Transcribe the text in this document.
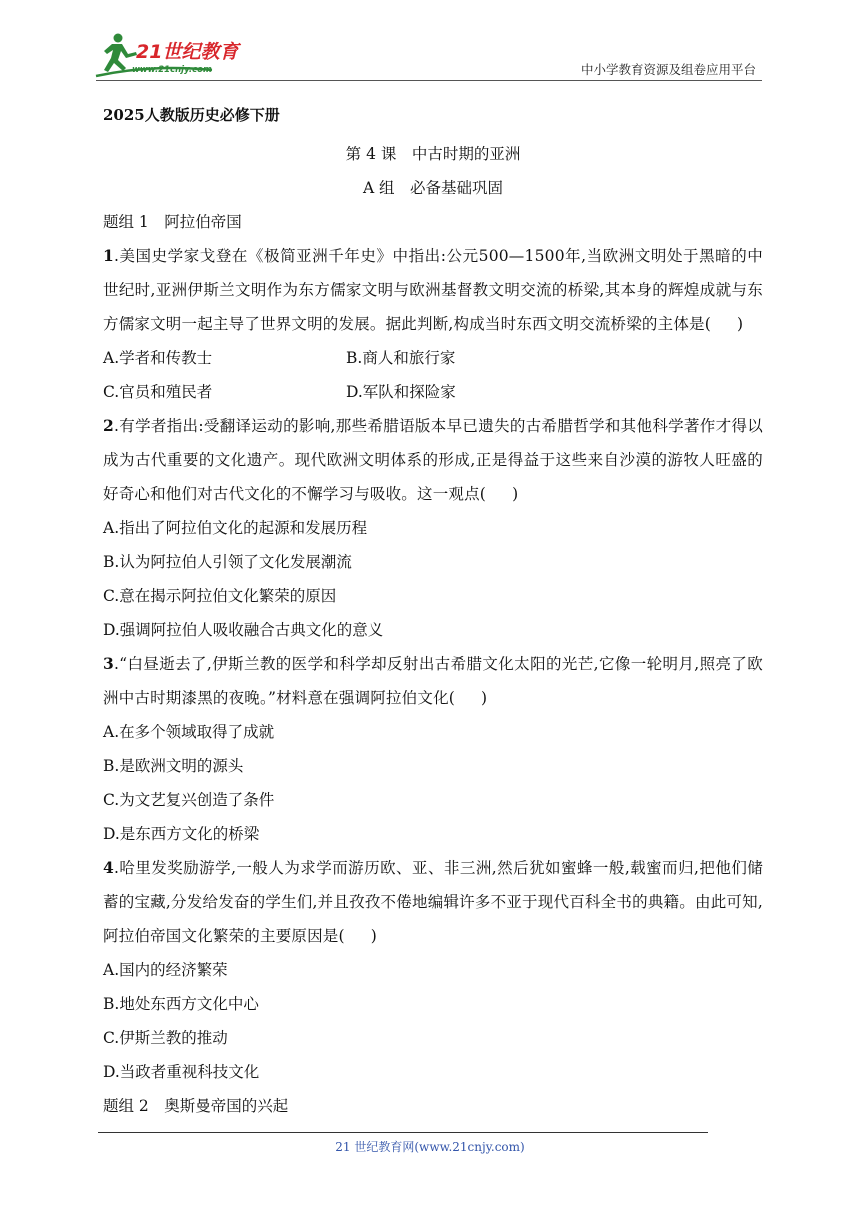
21世纪教育
www.21cnjy.com	中小学教育资源及组卷应用平台
2025人教版历史必修下册
第 4 课　中古时期的亚洲
A 组　必备基础巩固
题组 1　阿拉伯帝国
1.美国史学家戈登在《极简亚洲千年史》中指出:公元500—1500年,当欧洲文明处于黑暗的中世纪时,亚洲伊斯兰文明作为东方儒家文明与欧洲基督教文明交流的桥梁,其本身的辉煌成就与东方儒家文明一起主导了世界文明的发展。据此判断,构成当时东西文明交流桥梁的主体是( )
A.学者和传教士	B.商人和旅行家
C.官员和殖民者	D.军队和探险家
2.有学者指出:受翻译运动的影响,那些希腊语版本早已遗失的古希腊哲学和其他科学著作才得以成为古代重要的文化遗产。现代欧洲文明体系的形成,正是得益于这些来自沙漠的游牧人旺盛的好奇心和他们对古代文化的不懈学习与吸收。这一观点( )
A.指出了阿拉伯文化的起源和发展历程
B.认为阿拉伯人引领了文化发展潮流
C.意在揭示阿拉伯文化繁荣的原因
D.强调阿拉伯人吸收融合古典文化的意义
3.“白昼逝去了,伊斯兰教的医学和科学却反射出古希腊文化太阳的光芒,它像一轮明月,照亮了欧洲中古时期漆黑的夜晚。”材料意在强调阿拉伯文化( )
A.在多个领域取得了成就
B.是欧洲文明的源头
C.为文艺复兴创造了条件
D.是东西方文化的桥梁
4.哈里发奖励游学,一般人为求学而游历欧、亚、非三洲,然后犹如蜜蜂一般,载蜜而归,把他们储蓄的宝藏,分发给发奋的学生们,并且孜孜不倦地编辑许多不亚于现代百科全书的典籍。由此可知,阿拉伯帝国文化繁荣的主要原因是( )
A.国内的经济繁荣
B.地处东西方文化中心
C.伊斯兰教的推动
D.当政者重视科技文化
题组 2　奥斯曼帝国的兴起
21 世纪教育网(www.21cnjy.com)
